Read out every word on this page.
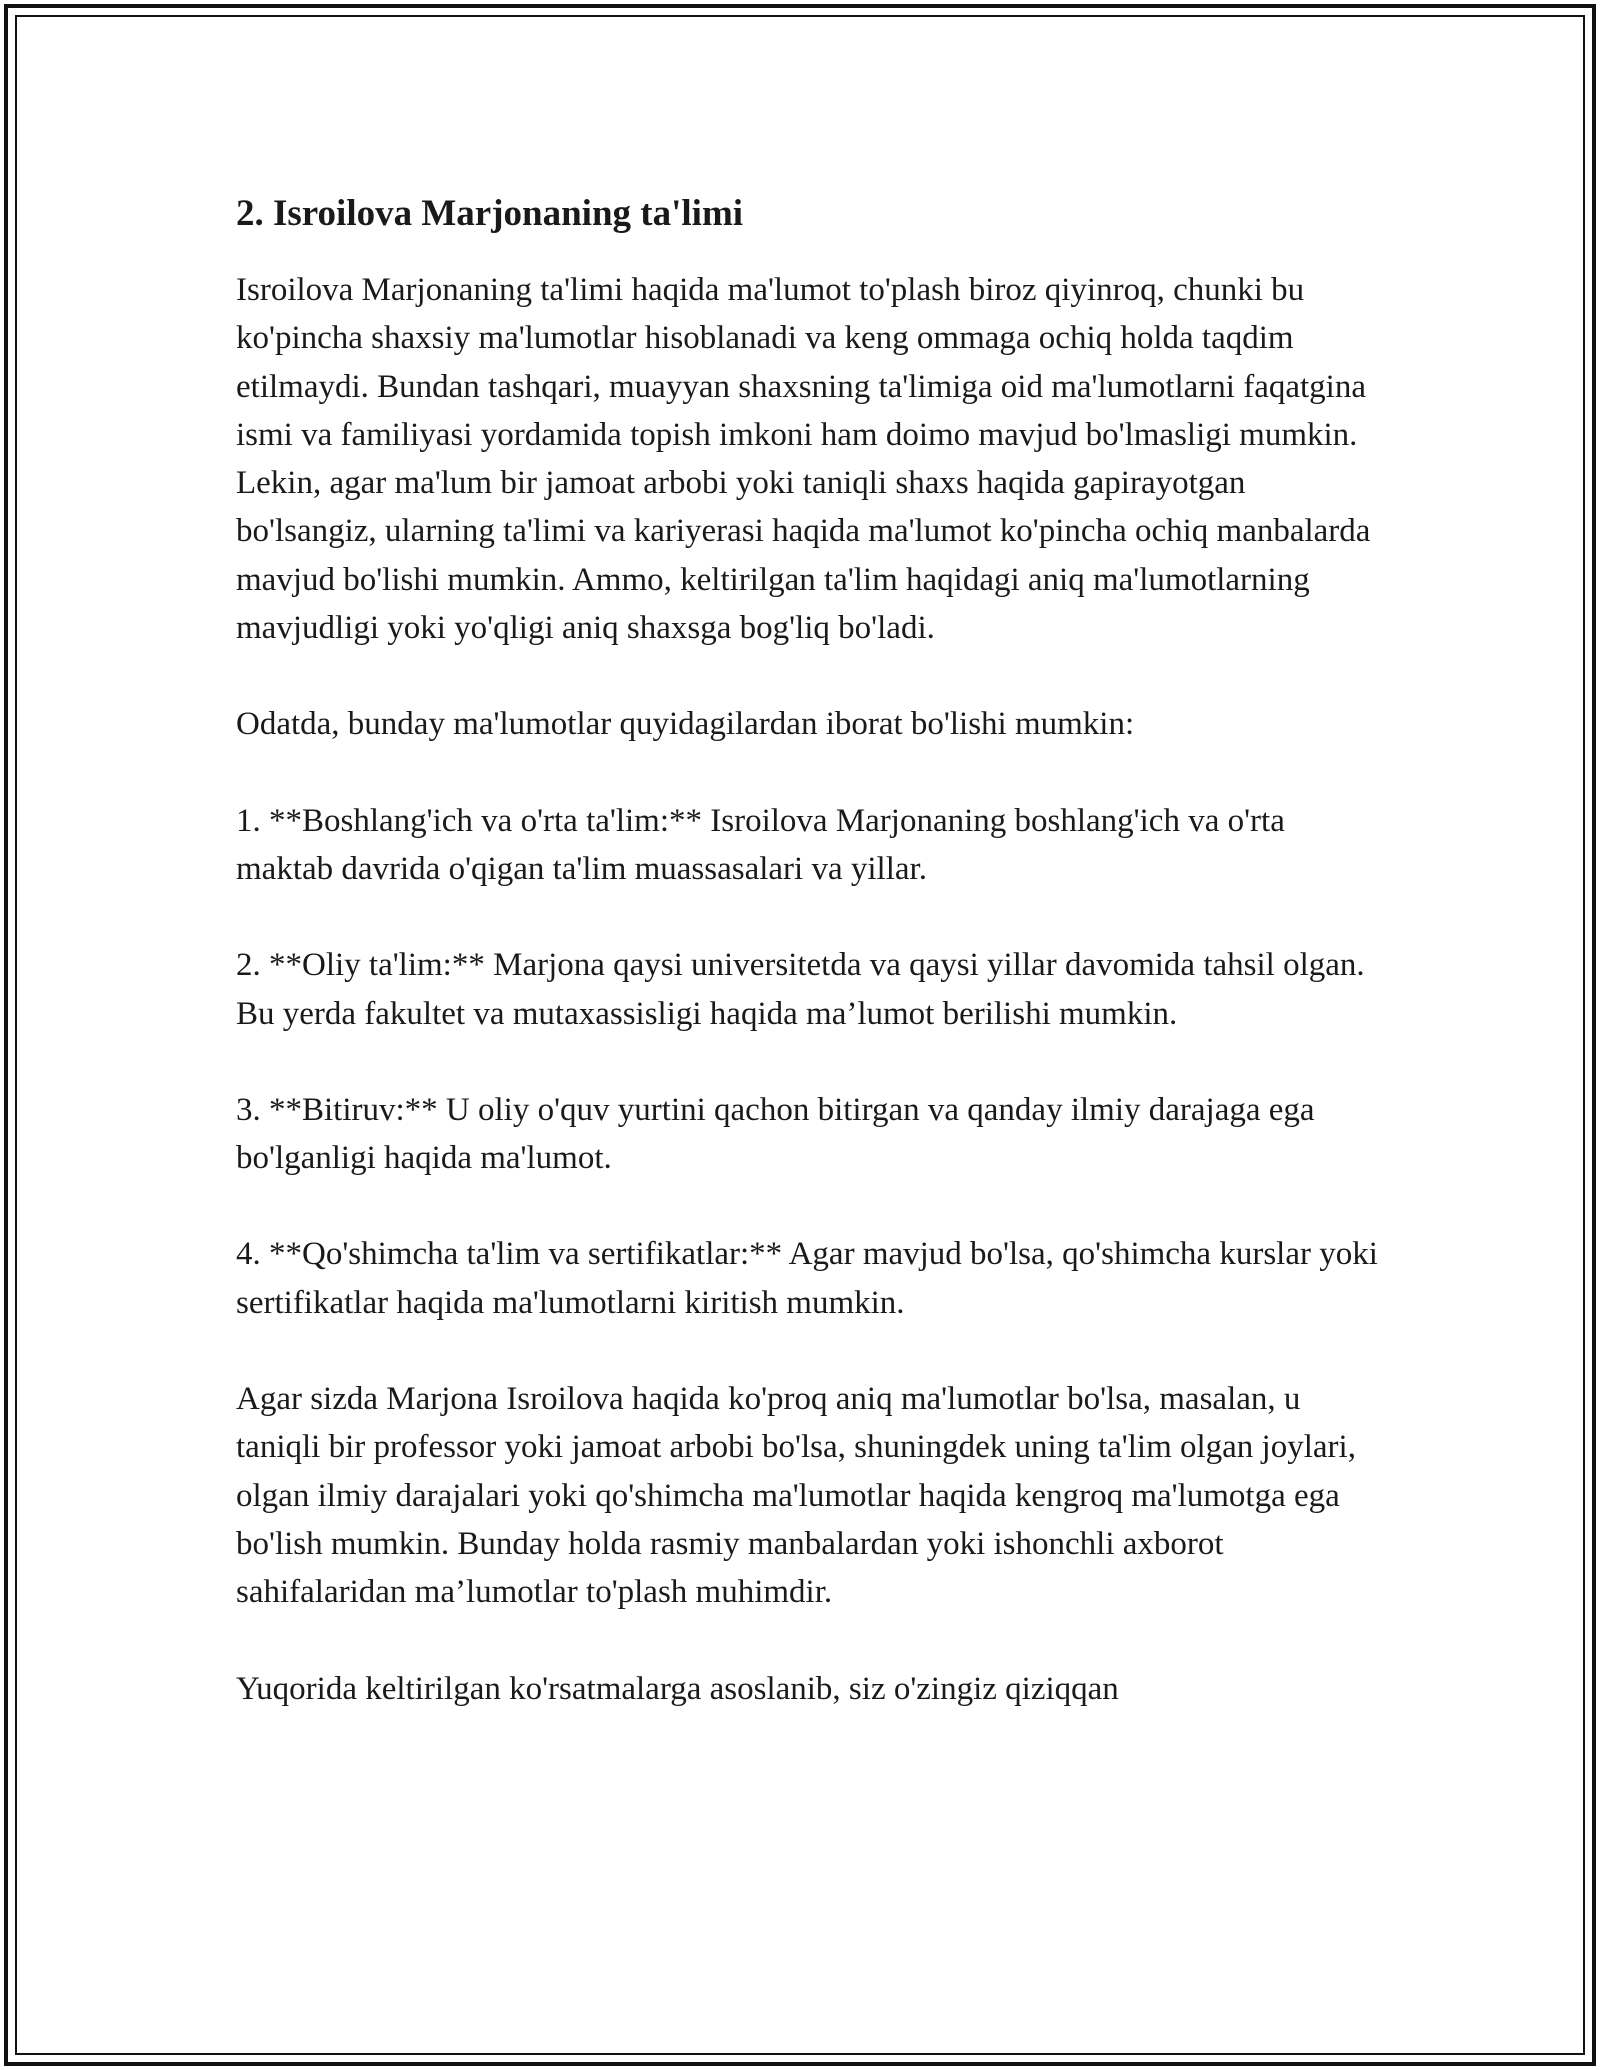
2. Isroilova Marjonaning ta'limi

Isroilova Marjonaning ta'limi haqida ma'lumot to'plash biroz qiyinroq, chunki bu ko'pincha shaxsiy ma'lumotlar hisoblanadi va keng ommaga ochiq holda taqdim etilmaydi. Bundan tashqari, muayyan shaxsning ta'limiga oid ma'lumotlarni faqatgina ismi va familiyasi yordamida topish imkoni ham doimo mavjud bo'lmasligi mumkin. Lekin, agar ma'lum bir jamoat arbobi yoki taniqli shaxs haqida gapirayotgan bo'lsangiz, ularning ta'limi va kariyerasi haqida ma'lumot ko'pincha ochiq manbalarda mavjud bo'lishi mumkin. Ammo, keltirilgan ta'lim haqidagi aniq ma'lumotlarning mavjudligi yoki yo'qligi aniq shaxsga bog'liq bo'ladi.

Odatda, bunday ma'lumotlar quyidagilardan iborat bo'lishi mumkin:

1. **Boshlang'ich va o'rta ta'lim:** Isroilova Marjonaning boshlang'ich va o'rta maktab davrida o'qigan ta'lim muassasalari va yillar.

2. **Oliy ta'lim:** Marjona qaysi universitetda va qaysi yillar davomida tahsil olgan. Bu yerda fakultet va mutaxassisligi haqida ma’lumot berilishi mumkin.

3. **Bitiruv:** U oliy o'quv yurtini qachon bitirgan va qanday ilmiy darajaga ega bo'lganligi haqida ma'lumot.

4. **Qo'shimcha ta'lim va sertifikatlar:** Agar mavjud bo'lsa, qo'shimcha kurslar yoki sertifikatlar haqida ma'lumotlarni kiritish mumkin.

Agar sizda Marjona Isroilova haqida ko'proq aniq ma'lumotlar bo'lsa, masalan, u taniqli bir professor yoki jamoat arbobi bo'lsa, shuningdek uning ta'lim olgan joylari, olgan ilmiy darajalari yoki qo'shimcha ma'lumotlar haqida kengroq ma'lumotga ega bo'lish mumkin. Bunday holda rasmiy manbalardan yoki ishonchli axborot sahifalaridan ma’lumotlar to'plash muhimdir.

Yuqorida keltirilgan ko'rsatmalarga asoslanib, siz o'zingiz qiziqqan
